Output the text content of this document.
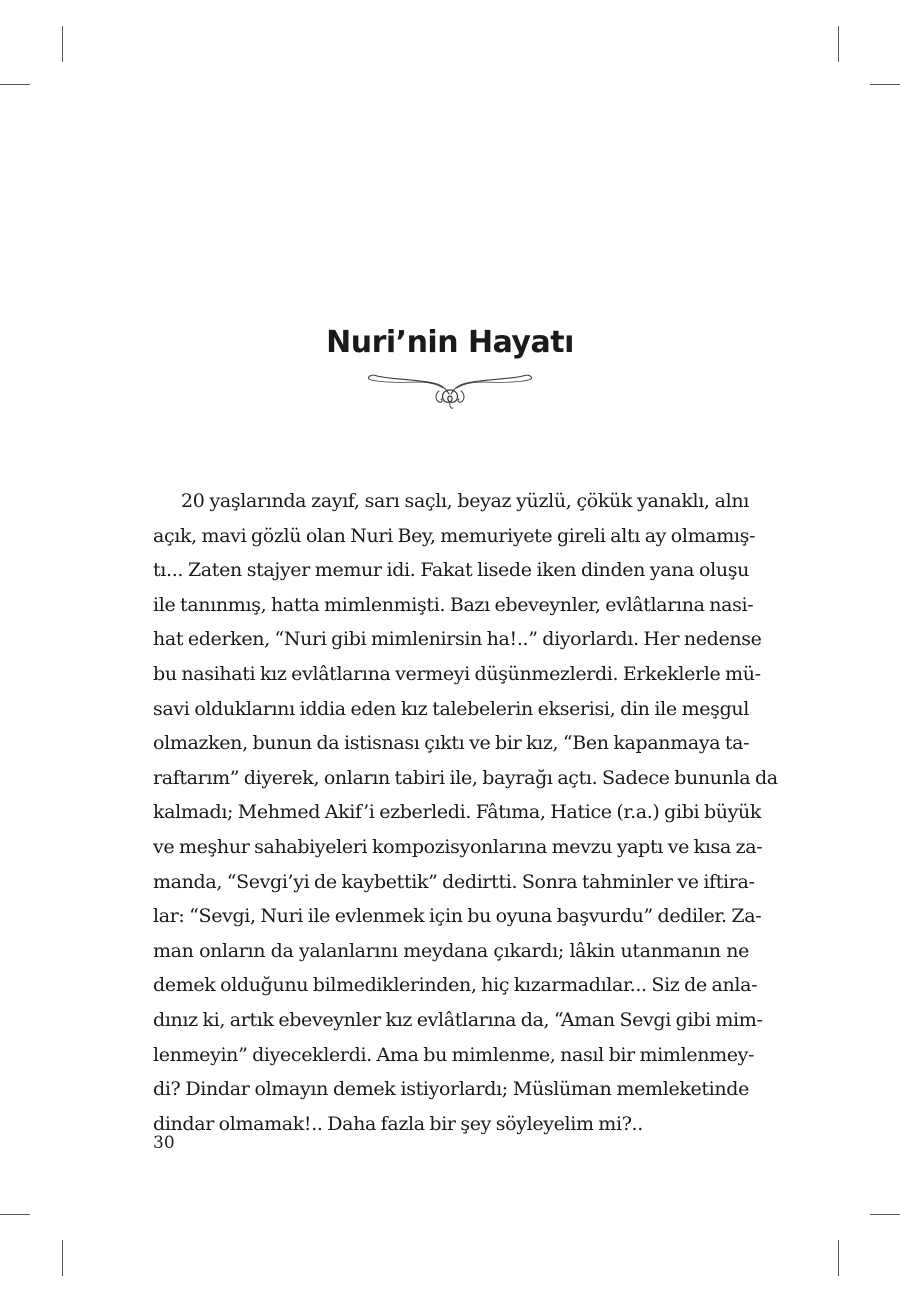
Nuri’nin Hayatı
20 yaşlarında zayıf, sarı saçlı, beyaz yüzlü, çökük yanaklı, alnı
açık, mavi gözlü olan Nuri Bey, memuriyete gireli altı ay olmamış-
tı... Zaten stajyer memur idi. Fakat lisede iken dinden yana oluşu
ile tanınmış, hatta mimlenmişti. Bazı ebeveynler, evlâtlarına nasi-
hat ederken, “Nuri gibi mimlenirsin ha!..” diyorlardı. Her nedense
bu nasihati kız evlâtlarına vermeyi düşünmezlerdi. Erkeklerle mü-
savi olduklarını iddia eden kız talebelerin ekserisi, din ile meşgul
olmazken, bunun da istisnası çıktı ve bir kız, “Ben kapanmaya ta-
raftarım” diyerek, onların tabiri ile, bayrağı açtı. Sadece bununla da
kalmadı; Mehmed Akif’i ezberledi. Fâtıma, Hatice (r.a.) gibi büyük
ve meşhur sahabiyeleri kompozisyonlarına mevzu yaptı ve kısa za-
manda, “Sevgi’yi de kaybettik” dedirtti. Sonra tahminler ve iftira-
lar: “Sevgi, Nuri ile evlenmek için bu oyuna başvurdu” dediler. Za-
man onların da yalanlarını meydana çıkardı; lâkin utanmanın ne
demek olduğunu bilmediklerinden, hiç kızarmadılar... Siz de anla-
dınız ki, artık ebeveynler kız evlâtlarına da, “Aman Sevgi gibi mim-
lenmeyin” diyeceklerdi. Ama bu mimlenme, nasıl bir mimlenmey-
di? Dindar olmayın demek istiyorlardı; Müslüman memleketinde
dindar olmamak!.. Daha fazla bir şey söyleyelim mi?..
30
